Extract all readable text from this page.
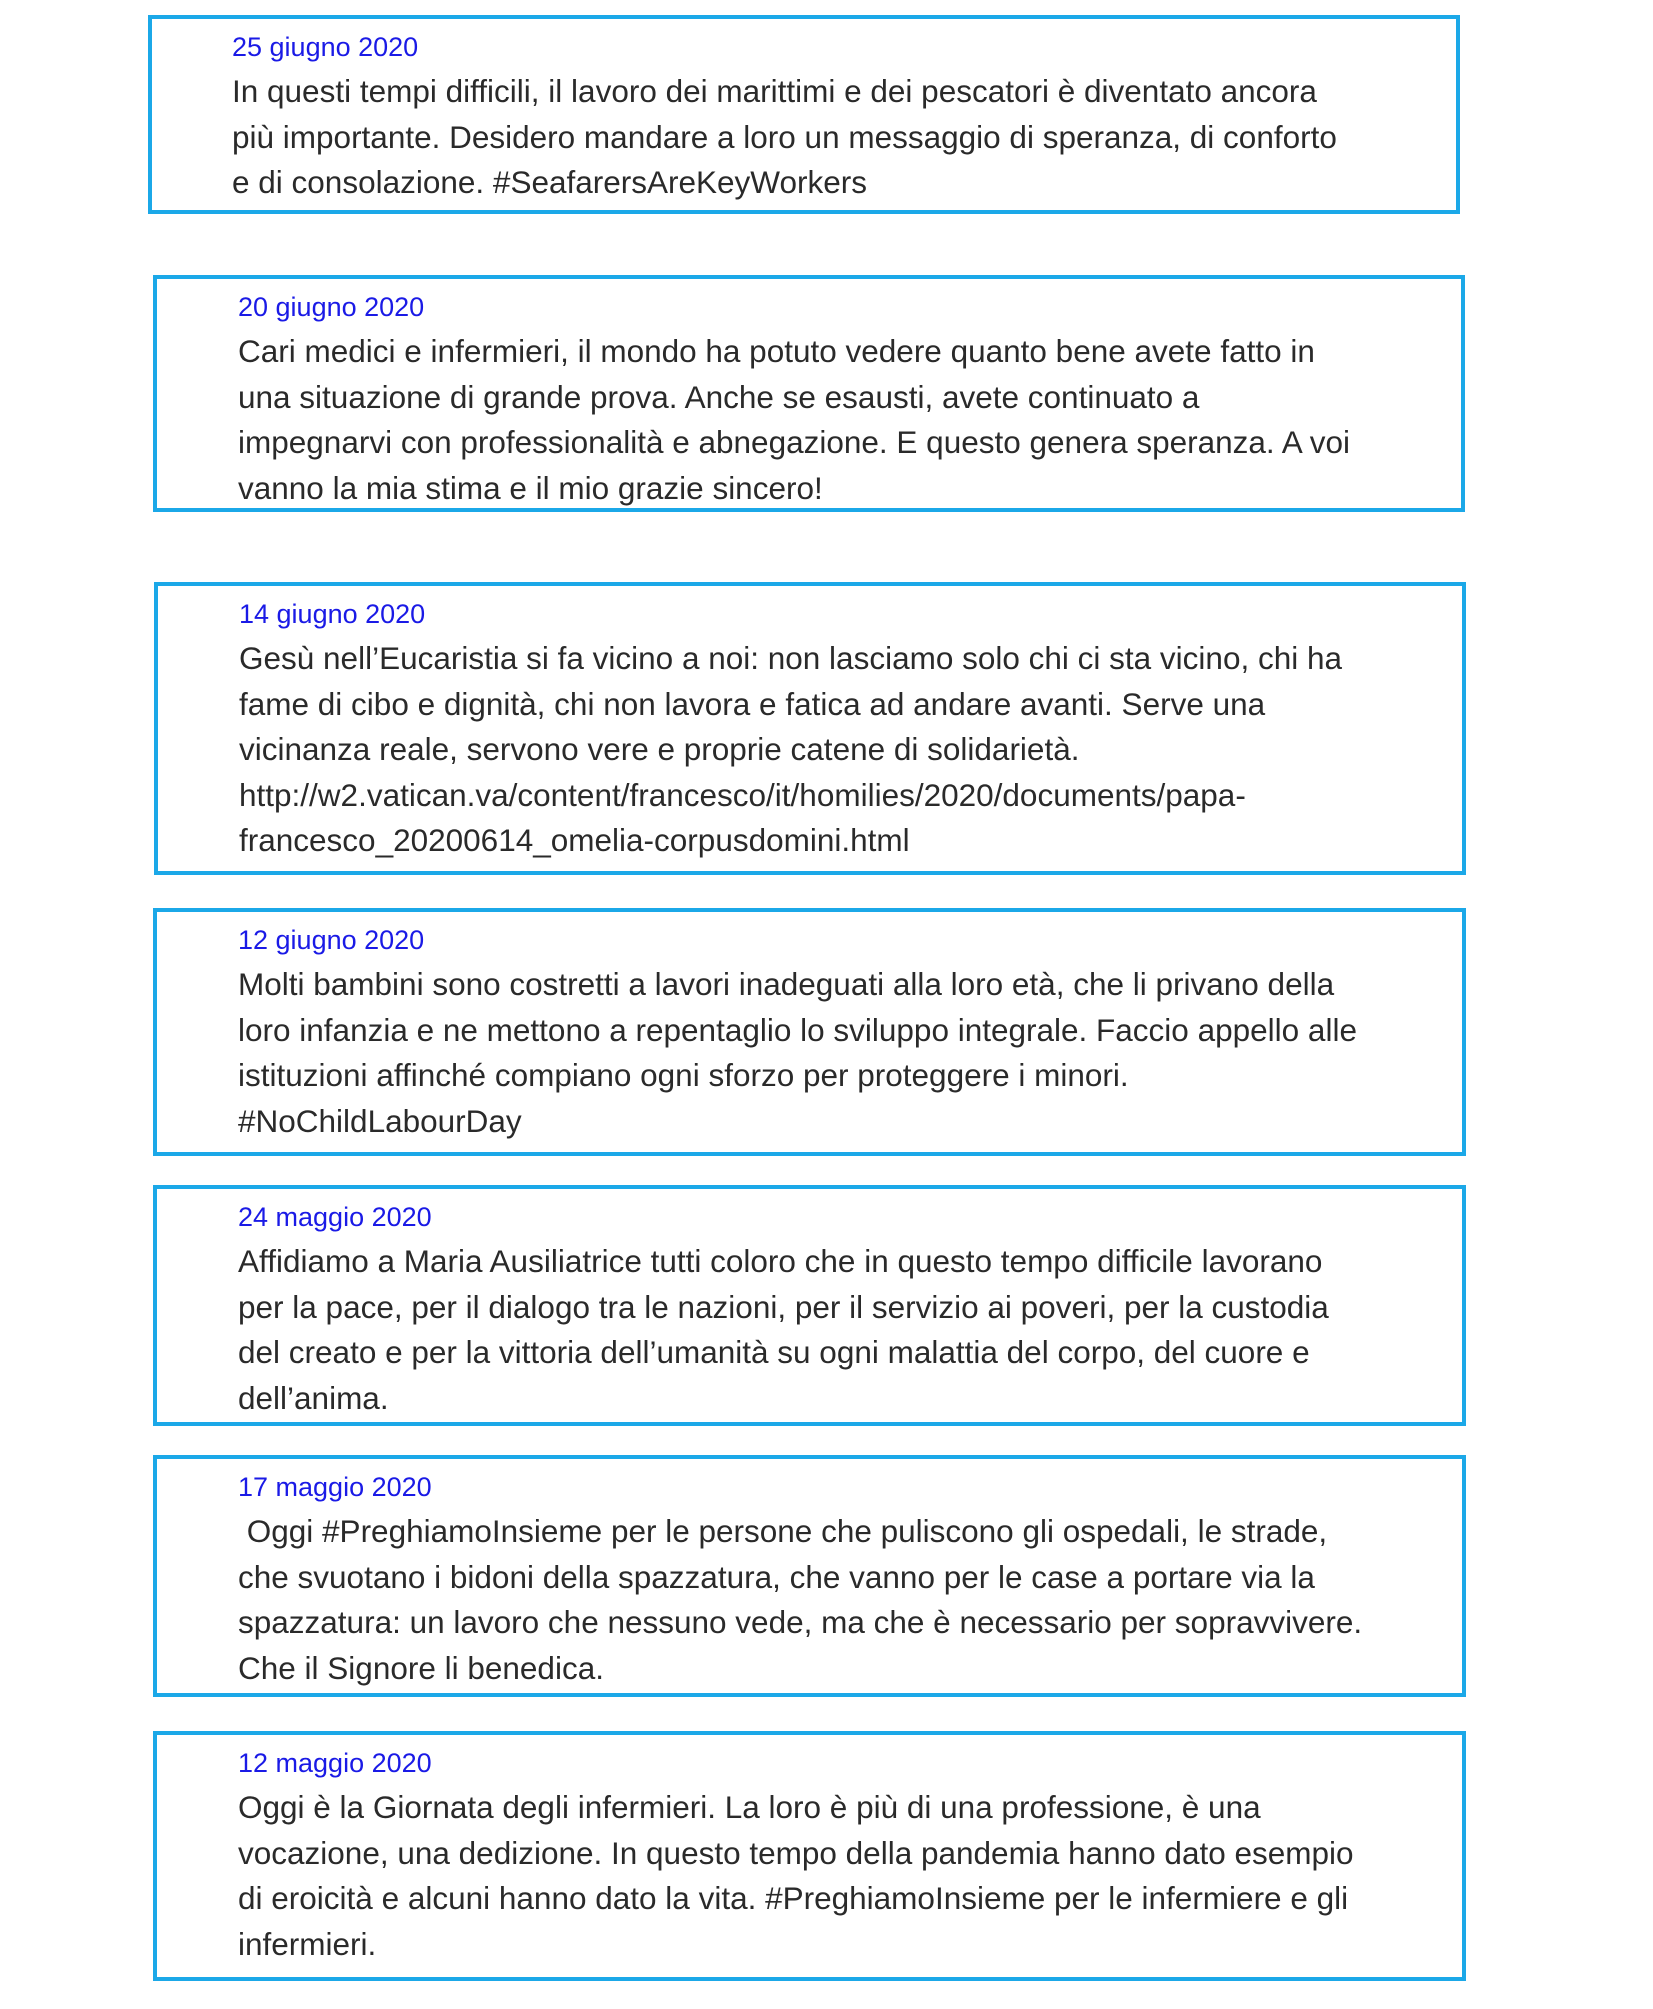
25 giugno 2020
In questi tempi difficili, il lavoro dei marittimi e dei pescatori è diventato ancora
più importante. Desidero mandare a loro un messaggio di speranza, di conforto
e di consolazione. #SeafarersAreKeyWorkers
20 giugno 2020
Cari medici e infermieri, il mondo ha potuto vedere quanto bene avete fatto in
una situazione di grande prova. Anche se esausti, avete continuato a
impegnarvi con professionalità e abnegazione. E questo genera speranza. A voi
vanno la mia stima e il mio grazie sincero!
14 giugno 2020
Gesù nell’Eucaristia si fa vicino a noi: non lasciamo solo chi ci sta vicino, chi ha
fame di cibo e dignità, chi non lavora e fatica ad andare avanti. Serve una
vicinanza reale, servono vere e proprie catene di solidarietà.
http://w2.vatican.va/content/francesco/it/homilies/2020/documents/papa-
francesco_20200614_omelia-corpusdomini.html
12 giugno 2020
Molti bambini sono costretti a lavori inadeguati alla loro età, che li privano della
loro infanzia e ne mettono a repentaglio lo sviluppo integrale. Faccio appello alle
istituzioni affinché compiano ogni sforzo per proteggere i minori.
#NoChildLabourDay
24 maggio 2020
Affidiamo a Maria Ausiliatrice tutti coloro che in questo tempo difficile lavorano
per la pace, per il dialogo tra le nazioni, per il servizio ai poveri, per la custodia
del creato e per la vittoria dell’umanità su ogni malattia del corpo, del cuore e
dell’anima.
17 maggio 2020
Oggi #PreghiamoInsieme per le persone che puliscono gli ospedali, le strade,
che svuotano i bidoni della spazzatura, che vanno per le case a portare via la
spazzatura: un lavoro che nessuno vede, ma che è necessario per sopravvivere.
Che il Signore li benedica.
12 maggio 2020
Oggi è la Giornata degli infermieri. La loro è più di una professione, è una
vocazione, una dedizione. In questo tempo della pandemia hanno dato esempio
di eroicità e alcuni hanno dato la vita. #PreghiamoInsieme per le infermiere e gli
infermieri.
